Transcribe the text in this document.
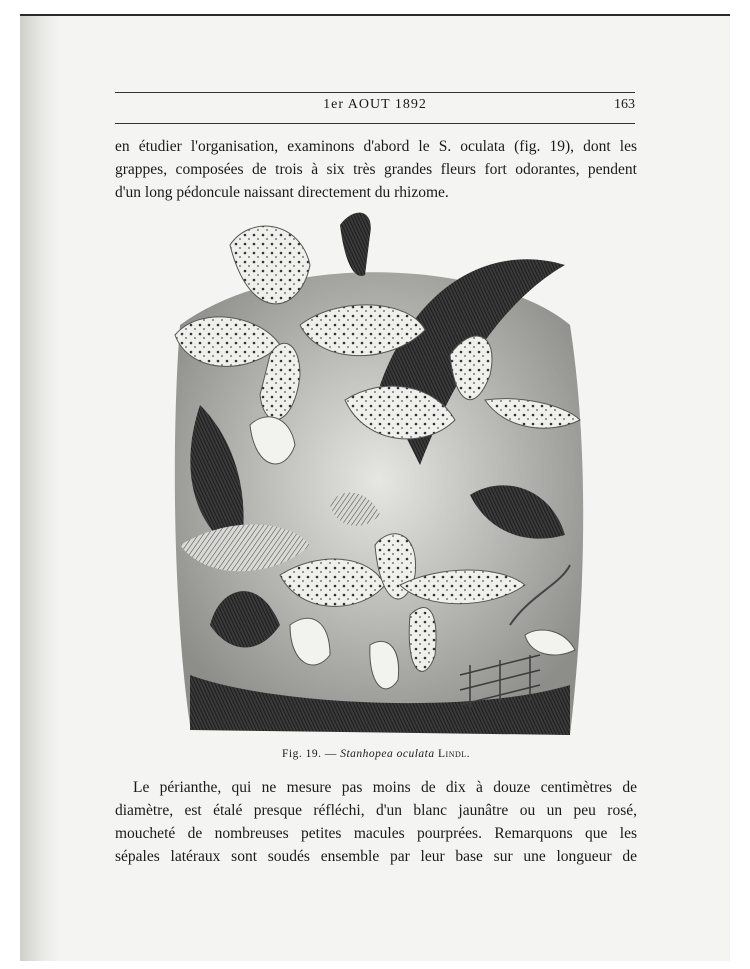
1er AOUT 1892	163
en étudier l'organisation, examinons d'abord le S. oculata (fig. 19), dont les
grappes, composées de trois à six très grandes fleurs fort odorantes, pendent
d'un long pédoncule naissant directement du rhizome.
Fig. 19. — Stanhopea oculata Lindl.
Le périanthe, qui ne mesure pas moins de dix à douze centimètres de
diamètre, est étalé presque réfléchi, d'un blanc jaunâtre ou un peu rosé,
moucheté de nombreuses petites macules pourprées. Remarquons que les
sépales latéraux sont soudés ensemble par leur base sur une longueur de
